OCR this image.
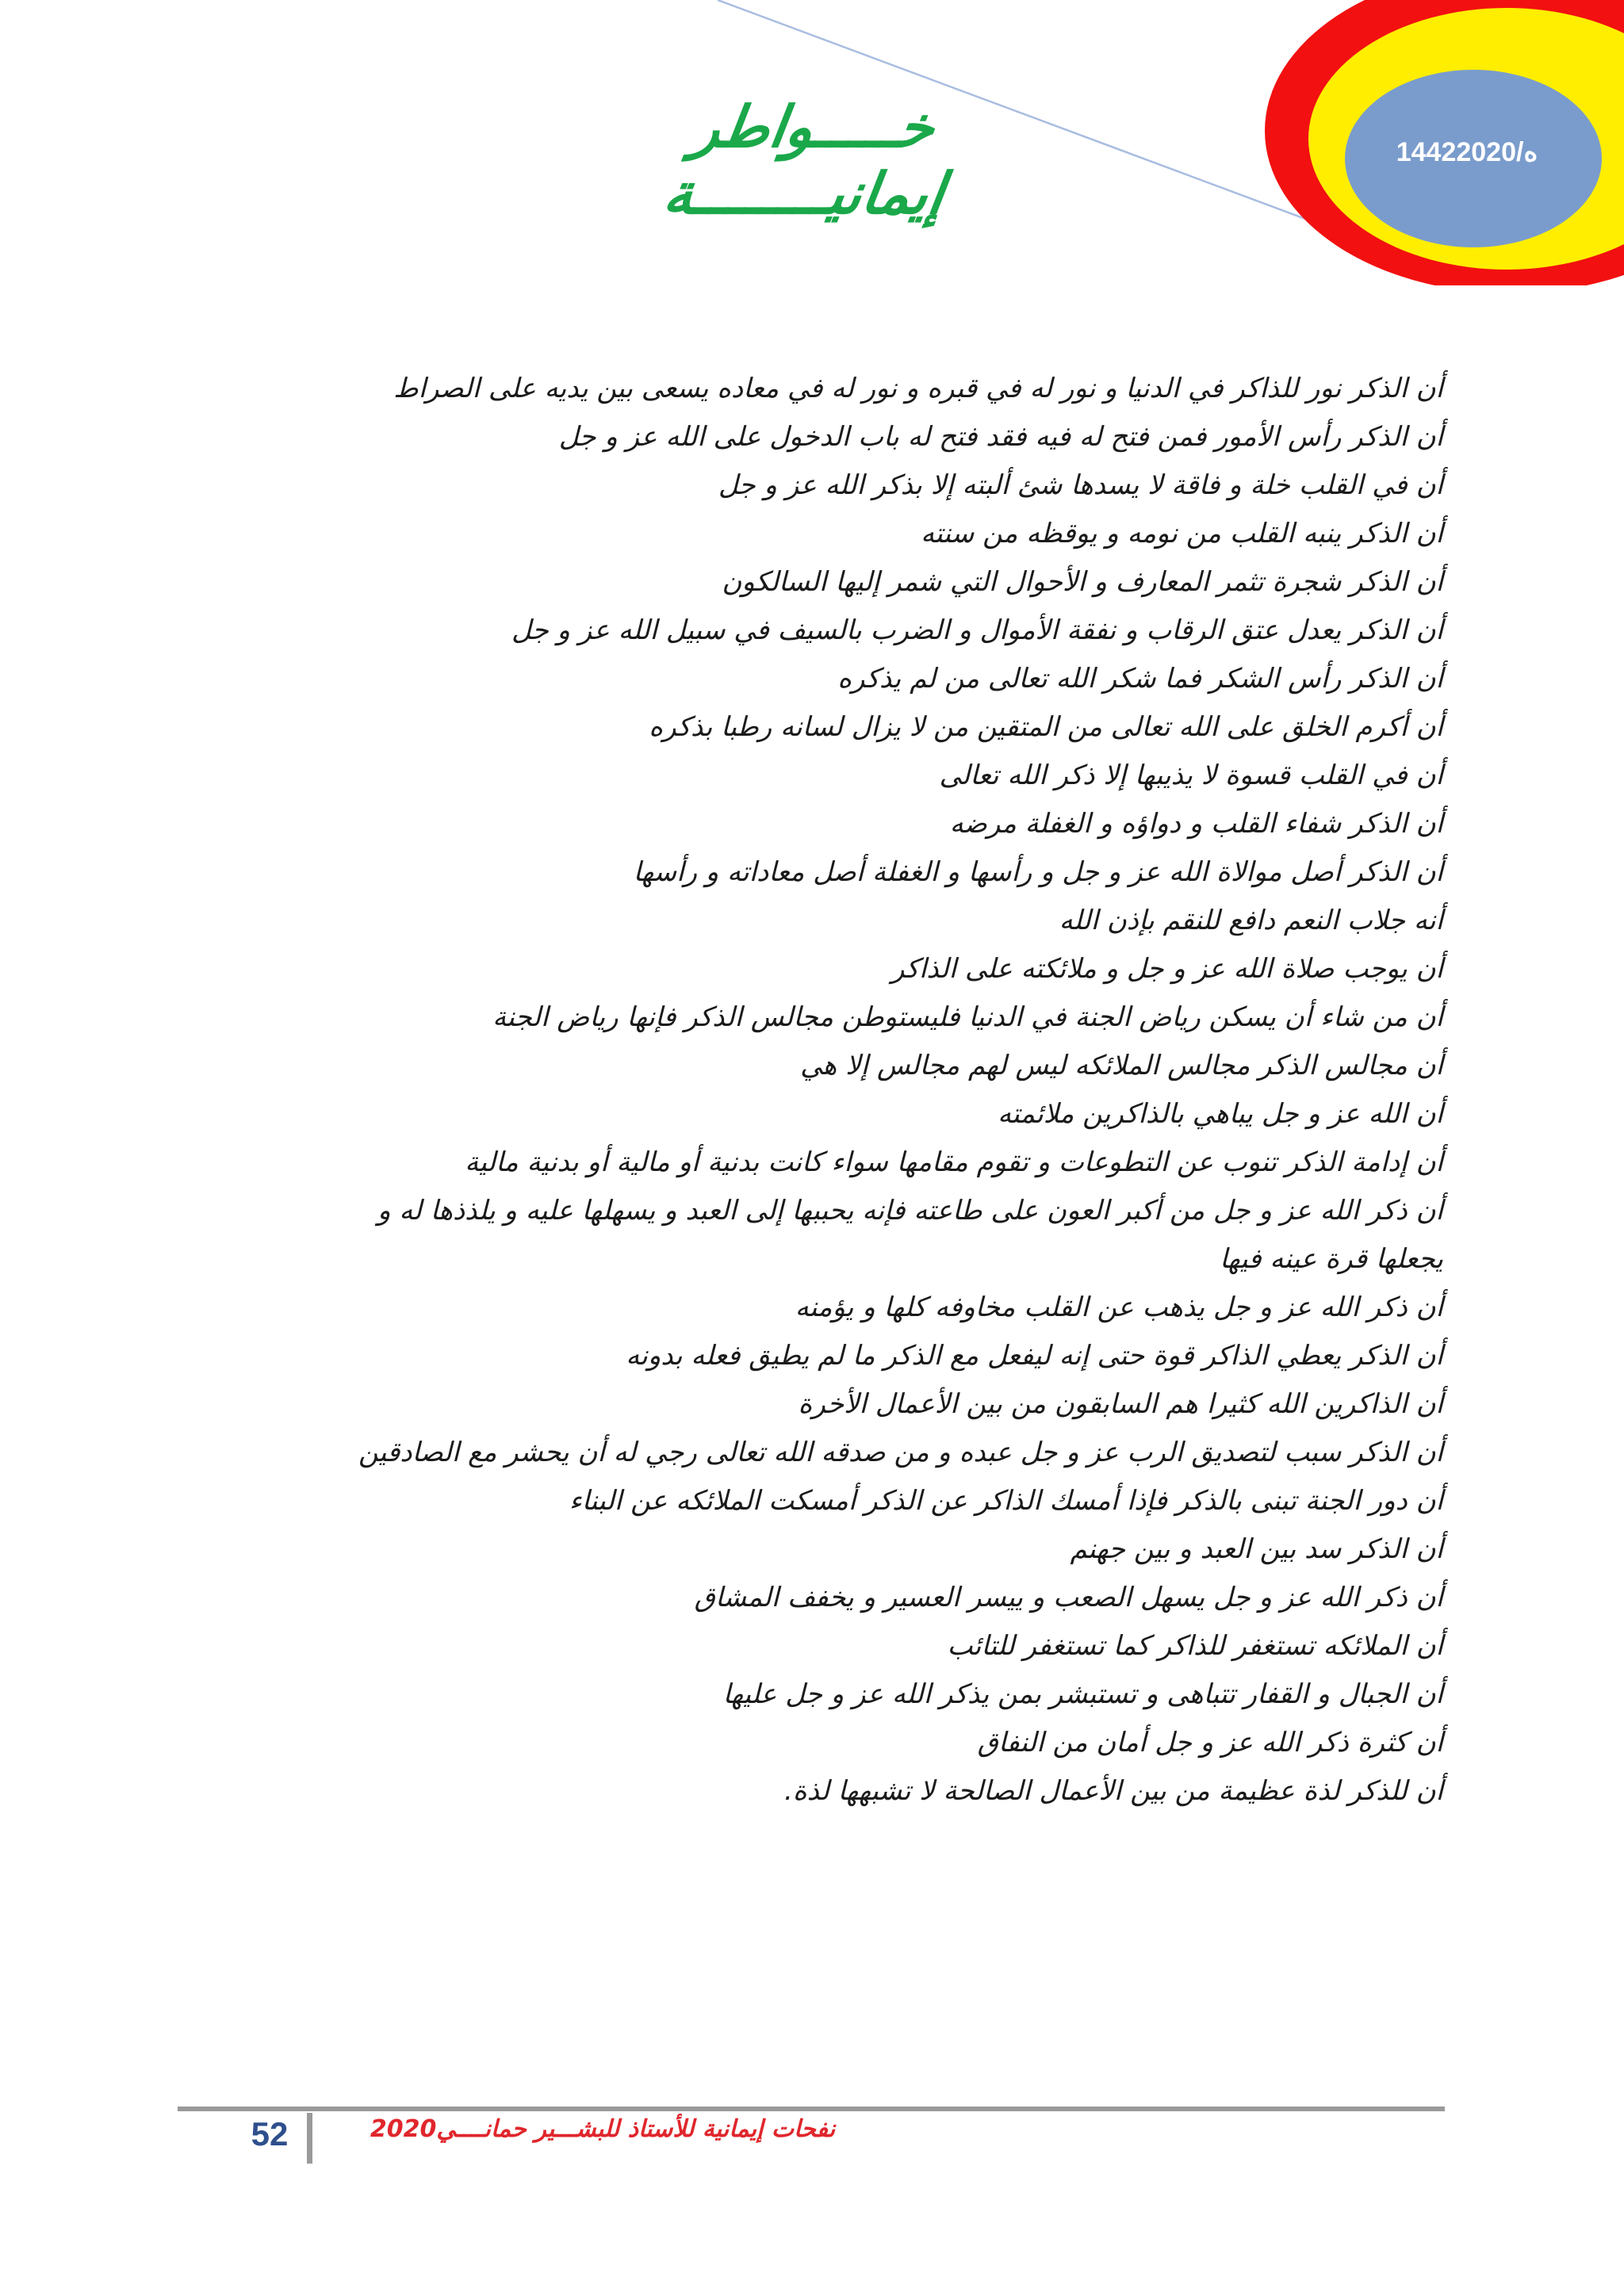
خـــــواطر إيمانيــــــــة
1442ه/2020
أن الذكر نور للذاكر في الدنيا و نور له في قبره و نور له في معاده يسعى بين يديه على الصراط
أن الذكر رأس الأمور فمن فتح له فيه فقد فتح له باب الدخول على الله عز و جل
أن في القلب خلة و فاقة لا يسدها شئ ألبته إلا بذكر الله عز و جل
أن الذكر ينبه القلب من نومه و يوقظه من سنته
أن الذكر شجرة تثمر المعارف و الأحوال التي شمر إليها السالكون
أن الذكر يعدل عتق الرقاب و نفقة الأموال و الضرب بالسيف في سبيل الله عز و جل
أن الذكر رأس الشكر فما شكر الله تعالى من لم يذكره
أن أكرم الخلق على الله تعالى من المتقين من لا يزال لسانه رطبا بذكره
أن في القلب قسوة لا يذيبها إلا ذكر الله تعالى
أن الذكر شفاء القلب و دواؤه و الغفلة مرضه
أن الذكر أصل موالاة الله عز و جل و رأسها و الغفلة أصل معاداته و رأسها
أنه جلاب النعم دافع للنقم بإذن الله
أن يوجب صلاة الله عز و جل و ملائكته على الذاكر
أن من شاء أن يسكن رياض الجنة في الدنيا فليستوطن مجالس الذكر فإنها رياض الجنة
أن مجالس الذكر مجالس الملائكه ليس لهم مجالس إلا هي
أن الله عز و جل يباهي بالذاكرين ملائمته
أن إدامة الذكر تنوب عن التطوعات و تقوم مقامها سواء كانت بدنية أو مالية أو بدنية مالية
أن ذكر الله عز و جل من أكبر العون على طاعته فإنه يحببها إلى العبد و يسهلها عليه و يلذذها له و
يجعلها قرة عينه فيها
أن ذكر الله عز و جل يذهب عن القلب مخاوفه كلها و يؤمنه
أن الذكر يعطي الذاكر قوة حتى إنه ليفعل مع الذكر ما لم يطيق فعله بدونه
أن الذاكرين الله كثيرا هم السابقون من بين الأعمال الأخرة
أن الذكر سبب لتصديق الرب عز و جل عبده و من صدقه الله تعالى رجي له أن يحشر مع الصادقين
أن دور الجنة تبنى بالذكر فإذا أمسك الذاكر عن الذكر أمسكت الملائكه عن البناء
أن الذكر سد بين العبد و بين جهنم
أن ذكر الله عز و جل يسهل الصعب و ييسر العسير و يخفف المشاق
أن الملائكه تستغفر للذاكر كما تستغفر للتائب
أن الجبال و القفار تتباهى و تستبشر بمن يذكر الله عز و جل عليها
أن كثرة ذكر الله عز و جل أمان من النفاق
أن للذكر لذة عظيمة من بين الأعمال الصالحة لا تشبهها لذة.
52	نفحات إيمانية للأستاذ للبشـــير حمانــــي2020
